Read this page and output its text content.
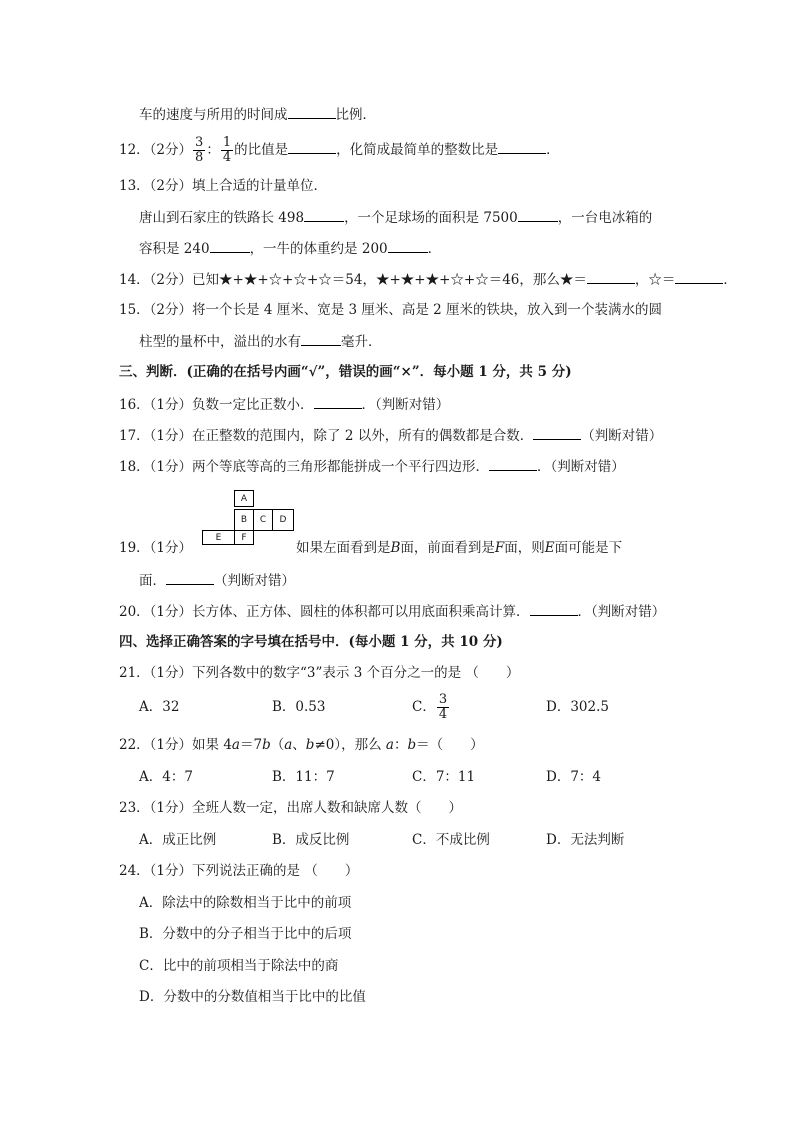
车的速度与所用的时间成	比例．
12．（2分） $\frac{3}{8}$ ： $\frac{1}{4}$ 的比值是	，化简成最简单的整数比是	．
13．（2分）填上合适的计量单位．
唐山到石家庄的铁路长 498	，一个足球场的面积是 7500	，一台电冰箱的
容积是 240	，一牛的体重约是 200	．
14．（2分）已知★+★+☆+☆+☆＝54，★+★+★+☆+☆＝46，那么★＝	，☆＝	．
15．（2分）将一个长是 4 厘米、宽是 3 厘米、高是 2 厘米的铁块，放入到一个装满水的圆
柱型的量杯中，溢出的水有	毫升．
三、判断．(正确的在括号内画“√”，错误的画“×”．每小题 1 分，共 5 分)
16．（1分）负数一定比正数小．	．（判断对错）
17．（1分）在正整数的范围内，除了 2 以外，所有的偶数都是合数．	（判断对错）
18．（1分）两个等底等高的三角形都能拼成一个平行四边形．	．（判断对错）
A
B	C	D
E	F
19．（1分）	如果左面看到是B面，前面看到是F面，则E面可能是下
面．	（判断对错）
20．（1分）长方体、正方体、圆柱的体积都可以用底面积乘高计算．	．（判断对错）
四、选择正确答案的字号填在括号中．(每小题 1 分，共 10 分)
21．（1分）下列各数中的数字“3”表示 3 个百分之一的是 （　　）
A．32	B．0.53	C． $\frac{3}{4}$	D．302.5
22．（1分）如果 4a＝7b（a、b≠0），那么 a：b＝（　　）
A．4：7	B．11：7	C．7：11	D．7：4
23．（1分）全班人数一定，出席人数和缺席人数（　　）
A．成正比例	B．成反比例	C．不成比例	D．无法判断
24．（1分）下列说法正确的是 （　　）
A．除法中的除数相当于比中的前项
B．分数中的分子相当于比中的后项
C．比中的前项相当于除法中的商
D．分数中的分数值相当于比中的比值
